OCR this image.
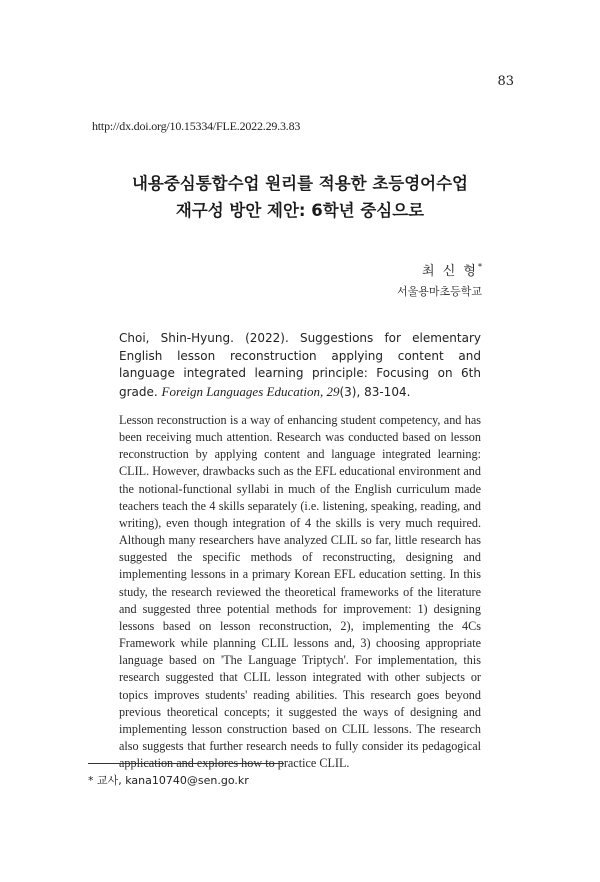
83
http://dx.doi.org/10.15334/FLE.2022.29.3.83
내용중심통합수업 원리를 적용한 초등영어수업
재구성 방안 제안: 6학년 중심으로
최 신 형*
서울용마초등학교
Choi, Shin-Hyung. (2022). Suggestions for elementary English lesson reconstruction applying content and language integrated learning principle: Focusing on 6th grade. Foreign Languages Education, 29(3), 83-104.
Lesson reconstruction is a way of enhancing student competency, and has been receiving much attention. Research was conducted based on lesson reconstruction by applying content and language integrated learning: CLIL. However, drawbacks such as the EFL educational environment and the notional-functional syllabi in much of the English curriculum made teachers teach the 4 skills separately (i.e. listening, speaking, reading, and writing), even though integration of 4 the skills is very much required. Although many researchers have analyzed CLIL so far, little research has suggested the specific methods of reconstructing, designing and implementing lessons in a primary Korean EFL education setting. In this study, the research reviewed the theoretical frameworks of the literature and suggested three potential methods for improvement: 1) designing lessons based on lesson reconstruction, 2), implementing the 4Cs Framework while planning CLIL lessons and, 3) choosing appropriate language based on 'The Language Triptych'. For implementation, this research suggested that CLIL lesson integrated with other subjects or topics improves students' reading abilities. This research goes beyond previous theoretical concepts; it suggested the ways of designing and implementing lesson construction based on CLIL lessons. The research also suggests that further research needs to fully consider its pedagogical application and explores how to practice CLIL.
* 교사, kana10740@sen.go.kr
